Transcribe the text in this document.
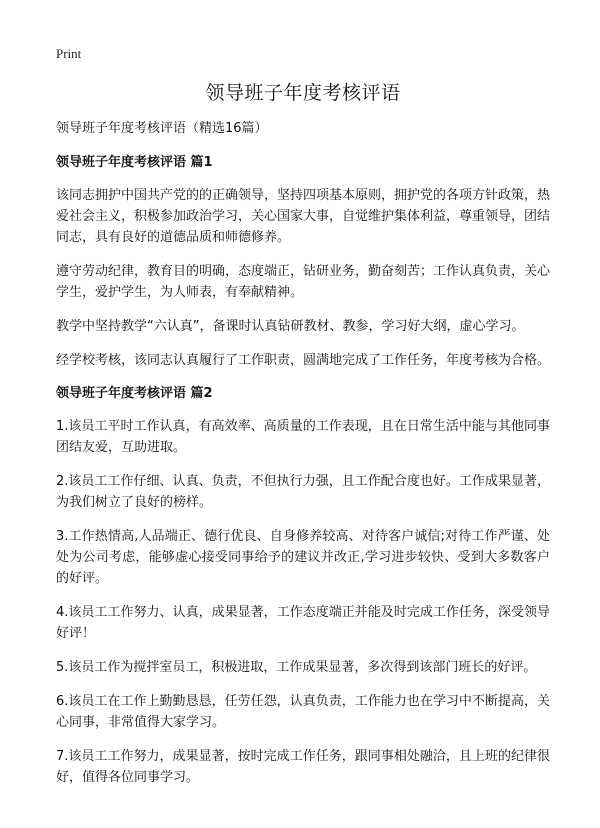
Print
领导班子年度考核评语

领导班子年度考核评语（精选16篇）

领导班子年度考核评语 篇1

该同志拥护中国共产党的的正确领导，坚持四项基本原则，拥护党的各项方针政策，热爱社会主义，积极参加政治学习，关心国家大事，自觉维护集体利益，尊重领导，团结同志，具有良好的道德品质和师德修养。

遵守劳动纪律，教育目的明确，态度端正，钻研业务，勤奋刻苦；工作认真负责，关心学生，爱护学生，为人师表，有奉献精神。

教学中坚持教学“六认真”，备课时认真钻研教材、教参，学习好大纲，虚心学习。

经学校考核，该同志认真履行了工作职责，圆满地完成了工作任务，年度考核为合格。

领导班子年度考核评语 篇2

1.该员工平时工作认真，有高效率、高质量的工作表现，且在日常生活中能与其他同事团结友爱，互助进取。

2.该员工工作仔细、认真、负责，不但执行力强，且工作配合度也好。工作成果显著，为我们树立了良好的榜样。

3.工作热情高,人品端正、德行优良、自身修养较高、对待客户诚信;对待工作严谨、处处为公司考虑，能够虚心接受同事给予的建议并改正,学习进步较快、受到大多数客户的好评。

4.该员工工作努力、认真，成果显著，工作态度端正并能及时完成工作任务，深受领导好评！

5.该员工作为搅拌室员工，积极进取，工作成果显著，多次得到该部门班长的好评。

6.该员工在工作上勤勤恳恳，任劳任怨，认真负责，工作能力也在学习中不断提高，关心同事，非常值得大家学习。

7.该员工工作努力，成果显著，按时完成工作任务，跟同事相处融洽，且上班的纪律很好，值得各位同事学习。
